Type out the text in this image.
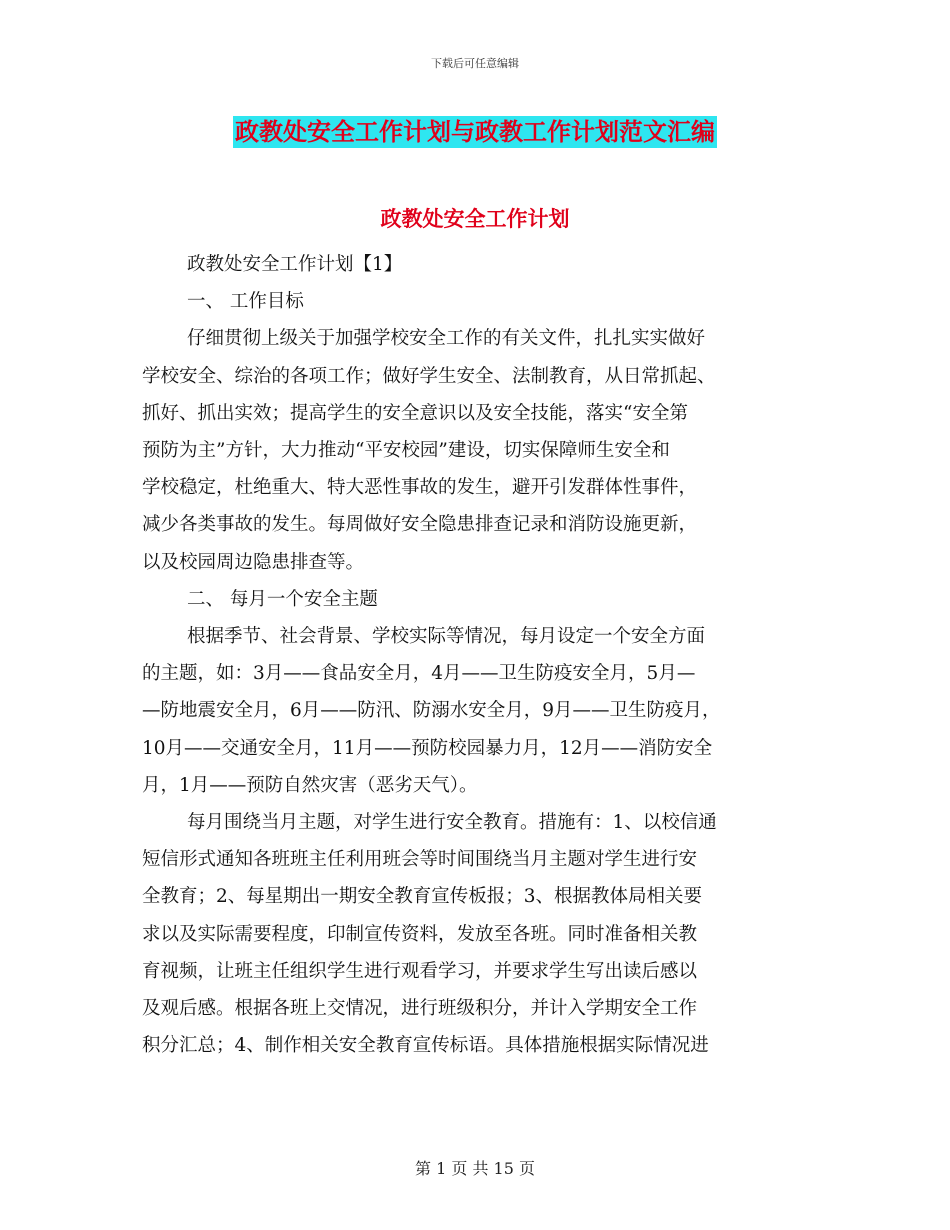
下载后可任意编辑
政教处安全工作计划与政教工作计划范文汇编
政教处安全工作计划
政教处安全工作计划【1】
一、 工作目标
仔细贯彻上级关于加强学校安全工作的有关文件，扎扎实实做好
学校安全、综治的各项工作；做好学生安全、法制教育，从日常抓起、
抓好、抓出实效；提高学生的安全意识以及安全技能，落实“安全第
预防为主”方针，大力推动“平安校园”建设，切实保障师生安全和
学校稳定，杜绝重大、特大恶性事故的发生，避开引发群体性事件，
减少各类事故的发生。每周做好安全隐患排查记录和消防设施更新，
以及校园周边隐患排查等。
二、 每月一个安全主题
根据季节、社会背景、学校实际等情况，每月设定一个安全方面
的主题，如：3月——食品安全月，4月——卫生防疫安全月，5月—
—防地震安全月，6月——防汛、防溺水安全月，9月——卫生防疫月，
10月——交通安全月，11月——预防校园暴力月，12月——消防安全
月，1月——预防自然灾害（恶劣天气）。
每月围绕当月主题，对学生进行安全教育。措施有：1、以校信通
短信形式通知各班班主任利用班会等时间围绕当月主题对学生进行安
全教育；2、每星期出一期安全教育宣传板报；3、根据教体局相关要
求以及实际需要程度，印制宣传资料，发放至各班。同时准备相关教
育视频，让班主任组织学生进行观看学习，并要求学生写出读后感以
及观后感。根据各班上交情况，进行班级积分，并计入学期安全工作
积分汇总；4、制作相关安全教育宣传标语。具体措施根据实际情况进
第 1 页 共 15 页
